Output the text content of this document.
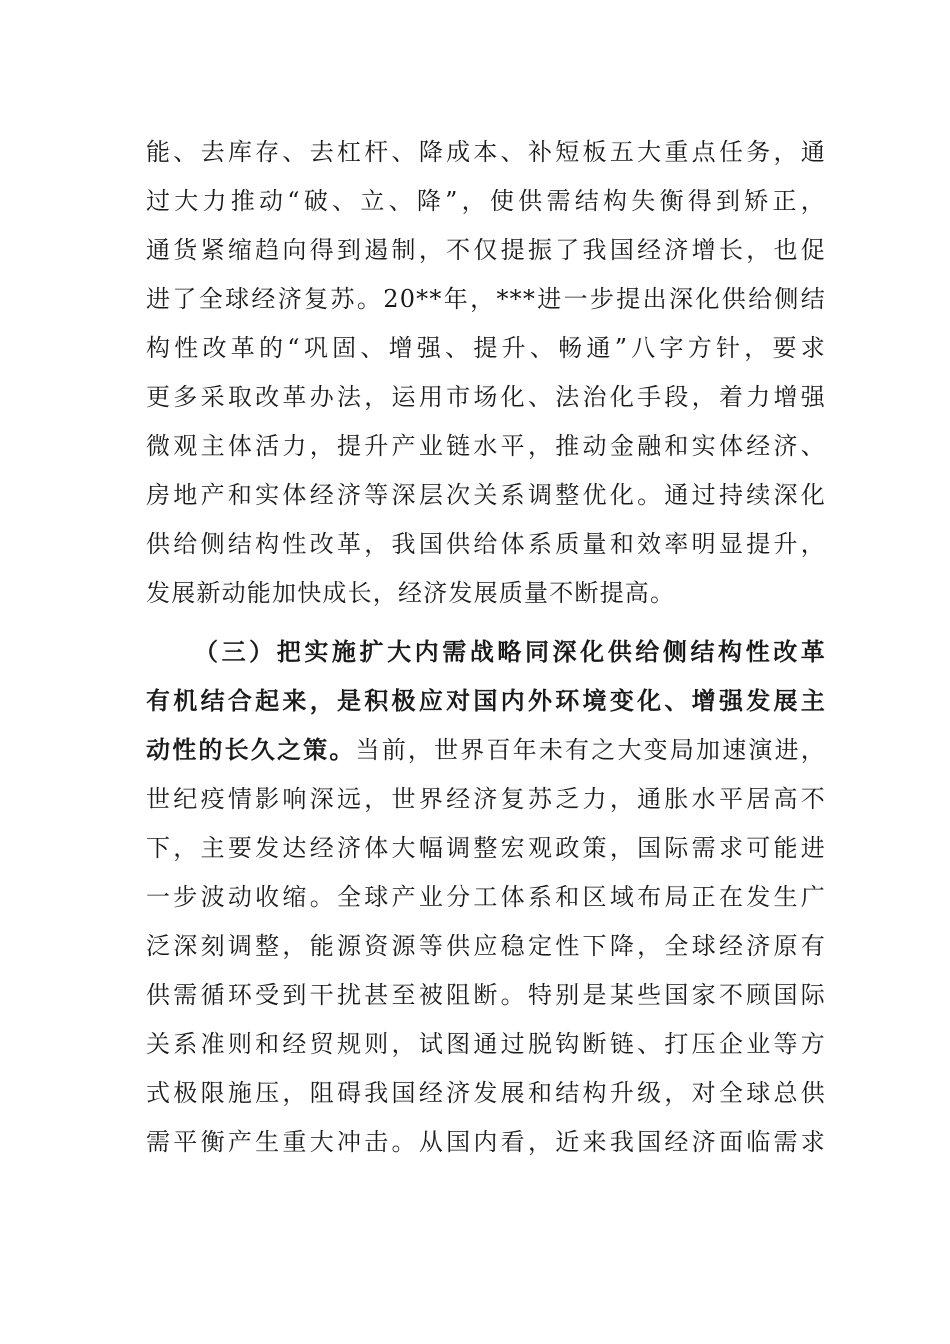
能、去库存、去杠杆、降成本、补短板五大重点任务，通
过大力推动“破、立、降”，使供需结构失衡得到矫正，
通货紧缩趋向得到遏制，不仅提振了我国经济增长，也促
进了全球经济复苏。20**年，***进一步提出深化供给侧结
构性改革的“巩固、增强、提升、畅通”八字方针，要求
更多采取改革办法，运用市场化、法治化手段，着力增强
微观主体活力，提升产业链水平，推动金融和实体经济、
房地产和实体经济等深层次关系调整优化。通过持续深化
供给侧结构性改革，我国供给体系质量和效率明显提升，
发展新动能加快成长，经济发展质量不断提高。
（三）把实施扩大内需战略同深化供给侧结构性改革
有机结合起来，是积极应对国内外环境变化、增强发展主
动性的长久之策。当前，世界百年未有之大变局加速演进，
世纪疫情影响深远，世界经济复苏乏力，通胀水平居高不
下，主要发达经济体大幅调整宏观政策，国际需求可能进
一步波动收缩。全球产业分工体系和区域布局正在发生广
泛深刻调整，能源资源等供应稳定性下降，全球经济原有
供需循环受到干扰甚至被阻断。特别是某些国家不顾国际
关系准则和经贸规则，试图通过脱钩断链、打压企业等方
式极限施压，阻碍我国经济发展和结构升级，对全球总供
需平衡产生重大冲击。从国内看，近来我国经济面临需求
